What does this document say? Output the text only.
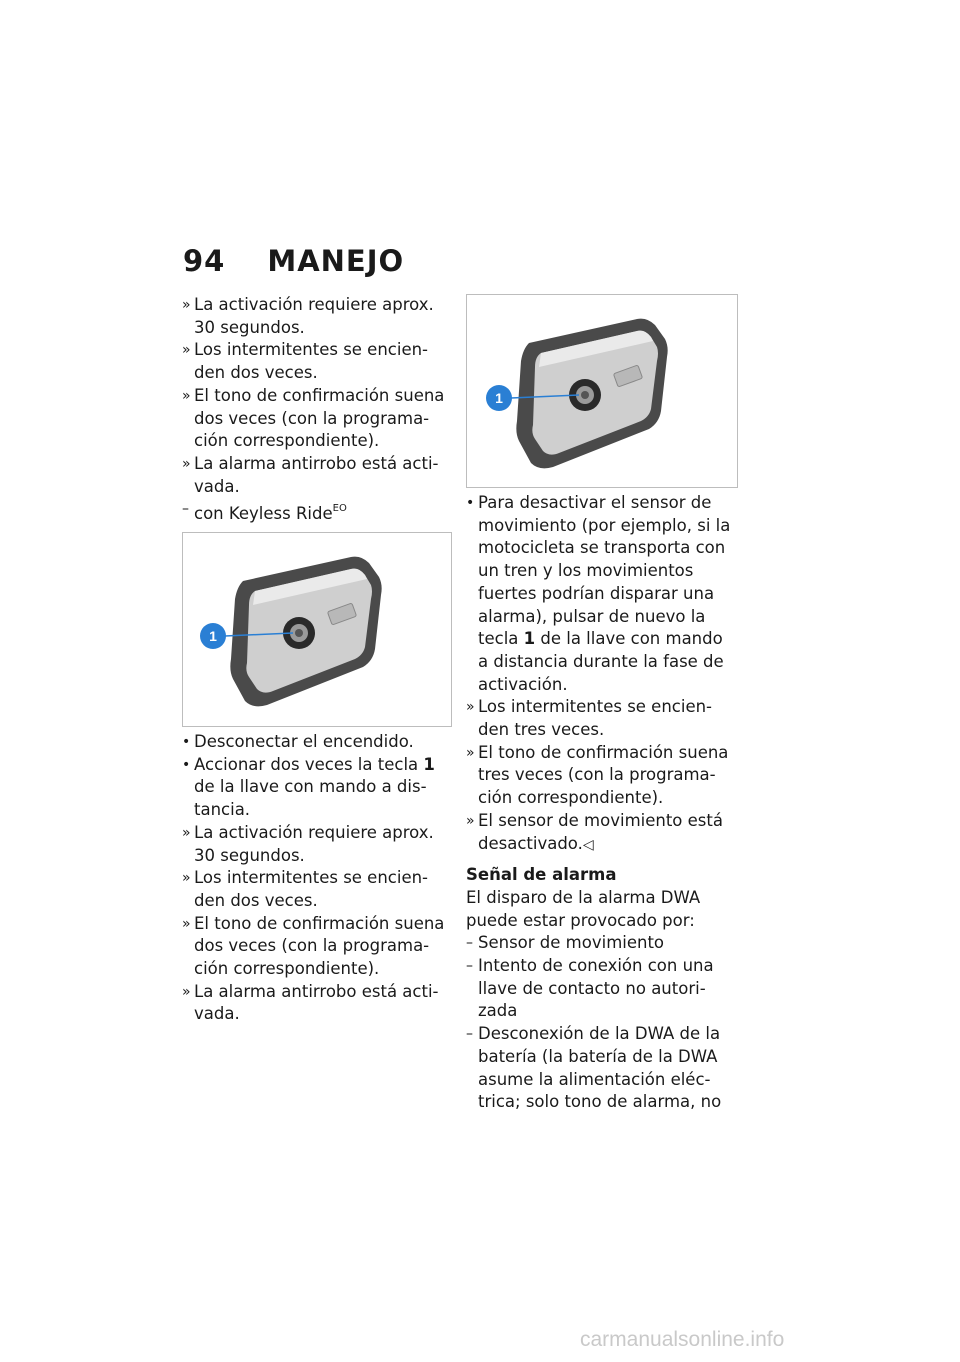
94 MANEJO
» La activación requiere aprox. 30 segundos.
» Los intermitentes se encien-den dos veces.
» El tono de confirmación suena dos veces (con la programa-ción correspondiente).
» La alarma antirrobo está acti-vada.
– con Keyless Ride$^{EO}$
1
• Desconectar el encendido.
• Accionar dos veces la tecla 1 de la llave con mando a dis-tancia.
» La activación requiere aprox. 30 segundos.
» Los intermitentes se encien-den dos veces.
» El tono de confirmación suena dos veces (con la programa-ción correspondiente).
» La alarma antirrobo está acti-vada.
1
• Para desactivar el sensor de movimiento (por ejemplo, si la motocicleta se transporta con un tren y los movimientos fuertes podrían disparar una alarma), pulsar de nuevo la tecla 1 de la llave con mando a distancia durante la fase de activación.
» Los intermitentes se encien-den tres veces.
» El tono de confirmación suena tres veces (con la programa-ción correspondiente).
» El sensor de movimiento está desactivado.◁
Señal de alarma
El disparo de la alarma DWA puede estar provocado por:
– Sensor de movimiento
– Intento de conexión con una llave de contacto no autori-zada
– Desconexión de la DWA de la batería (la batería de la DWA asume la alimentación eléc-trica; solo tono de alarma, no
carmanualsonline.info
